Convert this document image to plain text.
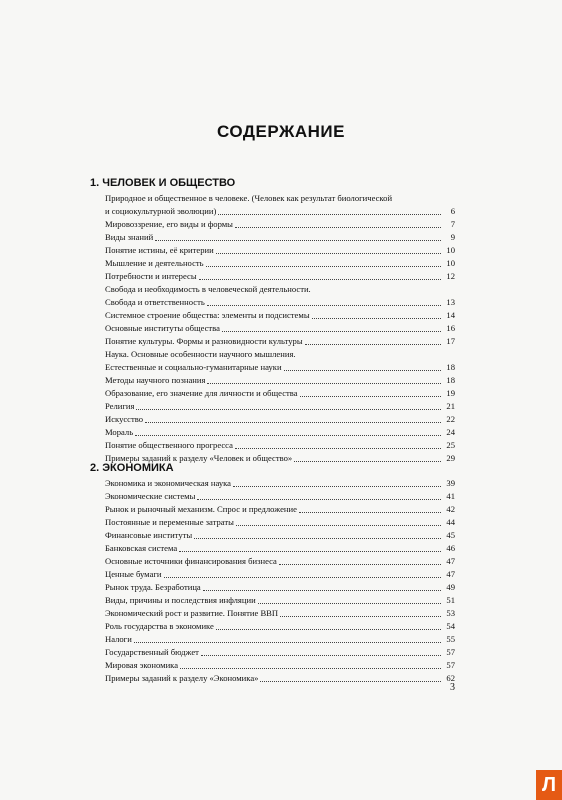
СОДЕРЖАНИЕ
1. ЧЕЛОВЕК И ОБЩЕСТВО
Природное и общественное в человеке. (Человек как результат биологической
и социокультурной эволюции)	6
Мировоззрение, его виды и формы	7
Виды знаний	9
Понятие истины, её критерии	10
Мышление и деятельность	10
Потребности и интересы	12
Свобода и необходимость в человеческой деятельности.
Свобода и ответственность	13
Системное строение общества: элементы и подсистемы	14
Основные институты общества	16
Понятие культуры. Формы и разновидности культуры	17
Наука. Основные особенности научного мышления.
Естественные и социально-гуманитарные науки	18
Методы научного познания	18
Образование, его значение для личности и общества	19
Религия	21
Искусство	22
Мораль	24
Понятие общественного прогресса	25
Примеры заданий к разделу «Человек и общество»	29
2. ЭКОНОМИКА
Экономика и экономическая наука	39
Экономические системы	41
Рынок и рыночный механизм. Спрос и предложение	42
Постоянные и переменные затраты	44
Финансовые институты	45
Банковская система	46
Основные источники финансирования бизнеса	47
Ценные бумаги	47
Рынок труда. Безработица	49
Виды, причины и последствия инфляции	51
Экономический рост и развитие. Понятие ВВП	53
Роль государства в экономике	54
Налоги	55
Государственный бюджет	57
Мировая экономика	57
Примеры заданий к разделу «Экономика»	62
3
Л
